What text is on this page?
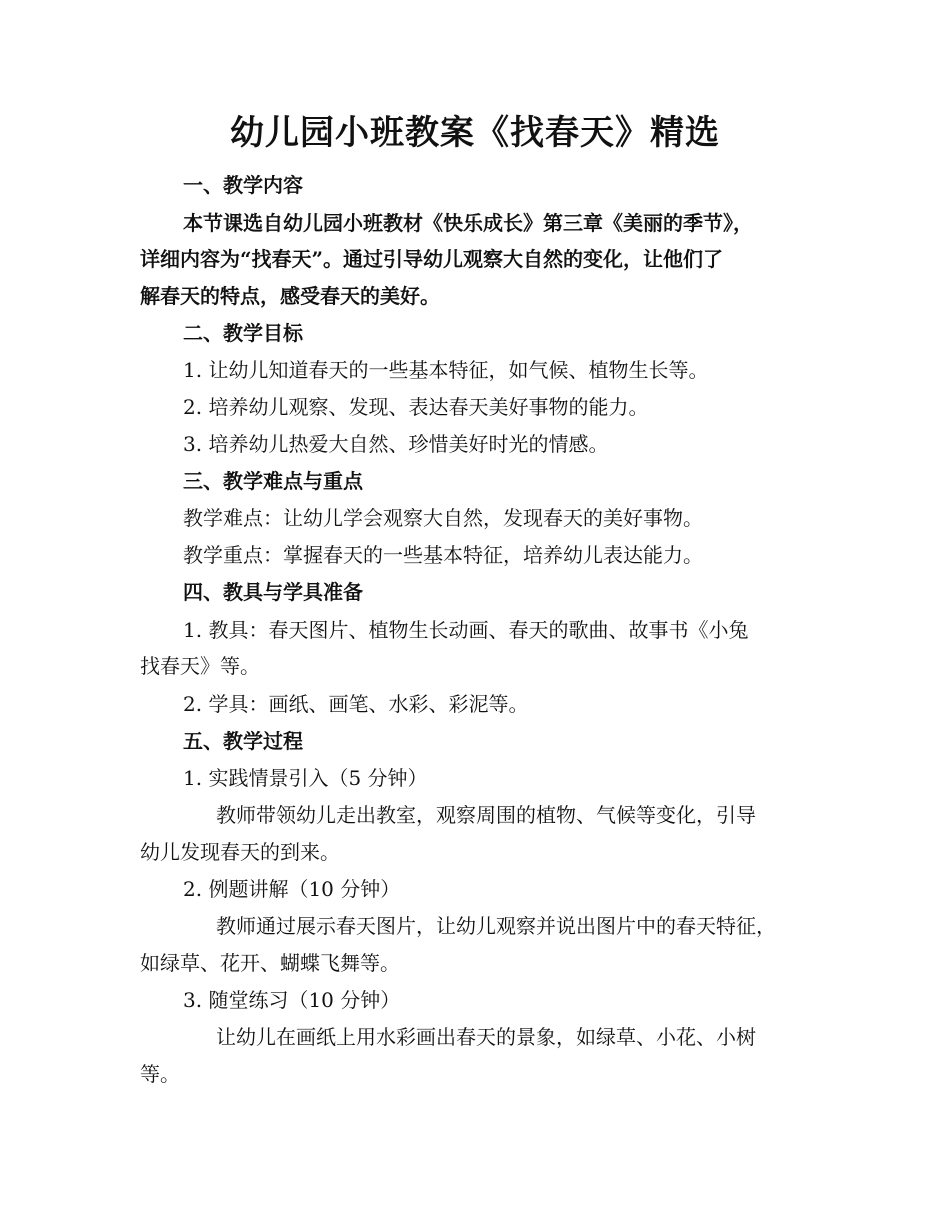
幼儿园小班教案《找春天》精选
一、教学内容
本节课选自幼儿园小班教材《快乐成长》第三章《美丽的季节》，
详细内容为“找春天”。通过引导幼儿观察大自然的变化，让他们了
解春天的特点，感受春天的美好。
二、教学目标
1. 让幼儿知道春天的一些基本特征，如气候、植物生长等。
2. 培养幼儿观察、发现、表达春天美好事物的能力。
3. 培养幼儿热爱大自然、珍惜美好时光的情感。
三、教学难点与重点
教学难点：让幼儿学会观察大自然，发现春天的美好事物。
教学重点：掌握春天的一些基本特征，培养幼儿表达能力。
四、教具与学具准备
1. 教具：春天图片、植物生长动画、春天的歌曲、故事书《小兔
找春天》等。
2. 学具：画纸、画笔、水彩、彩泥等。
五、教学过程
1. 实践情景引入（5 分钟）
教师带领幼儿走出教室，观察周围的植物、气候等变化，引导
幼儿发现春天的到来。
2. 例题讲解（10 分钟）
教师通过展示春天图片，让幼儿观察并说出图片中的春天特征，
如绿草、花开、蝴蝶飞舞等。
3. 随堂练习（10 分钟）
让幼儿在画纸上用水彩画出春天的景象，如绿草、小花、小树
等。
